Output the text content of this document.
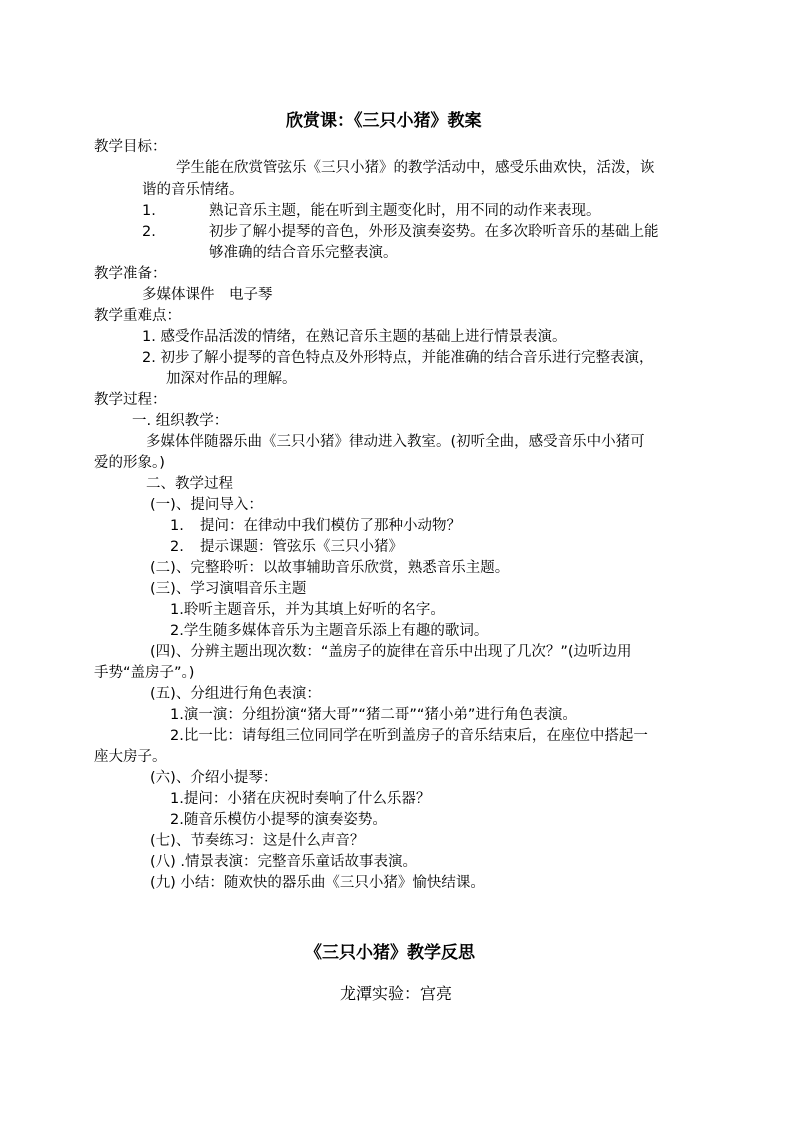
欣赏课：《三只小猪》教案
教学目标：
学生能在欣赏管弦乐《三只小猪》的教学活动中，感受乐曲欢快，活泼，诙
谐的音乐情绪。
1.	熟记音乐主题，能在听到主题变化时，用不同的动作来表现。
2.	初步了解小提琴的音色，外形及演奏姿势。在多次聆听音乐的基础上能
够准确的结合音乐完整表演。
教学准备：
多媒体课件　电子琴
教学重难点：
1. 感受作品活泼的情绪，在熟记音乐主题的基础上进行情景表演。
2. 初步了解小提琴的音色特点及外形特点，并能准确的结合音乐进行完整表演，
加深对作品的理解。
教学过程：
一. 组织教学：
多媒体伴随器乐曲《三只小猪》律动进入教室。(初听全曲，感受音乐中小猪可
爱的形象。)
二、教学过程
(一)、提问导入：
1. 提问：在律动中我们模仿了那种小动物？
2. 提示课题：管弦乐《三只小猪》
(二)、完整聆听：以故事辅助音乐欣赏，熟悉音乐主题。
(三)、学习演唱音乐主题
1.聆听主题音乐，并为其填上好听的名字。
2.学生随多媒体音乐为主题音乐添上有趣的歌词。
(四)、分辨主题出现次数：“盖房子的旋律在音乐中出现了几次？”(边听边用
手势“盖房子”。)
(五)、分组进行角色表演：
1.演一演：分组扮演“猪大哥”“猪二哥”“猪小弟”进行角色表演。
2.比一比：请每组三位同同学在听到盖房子的音乐结束后，在座位中搭起一
座大房子。
(六)、介绍小提琴：
1.提问：小猪在庆祝时奏响了什么乐器？
2.随音乐模仿小提琴的演奏姿势。
(七)、节奏练习：这是什么声音？
(八) .情景表演：完整音乐童话故事表演。
(九) 小结：随欢快的器乐曲《三只小猪》愉快结课。
《三只小猪》教学反思
龙潭实验：宫亮
